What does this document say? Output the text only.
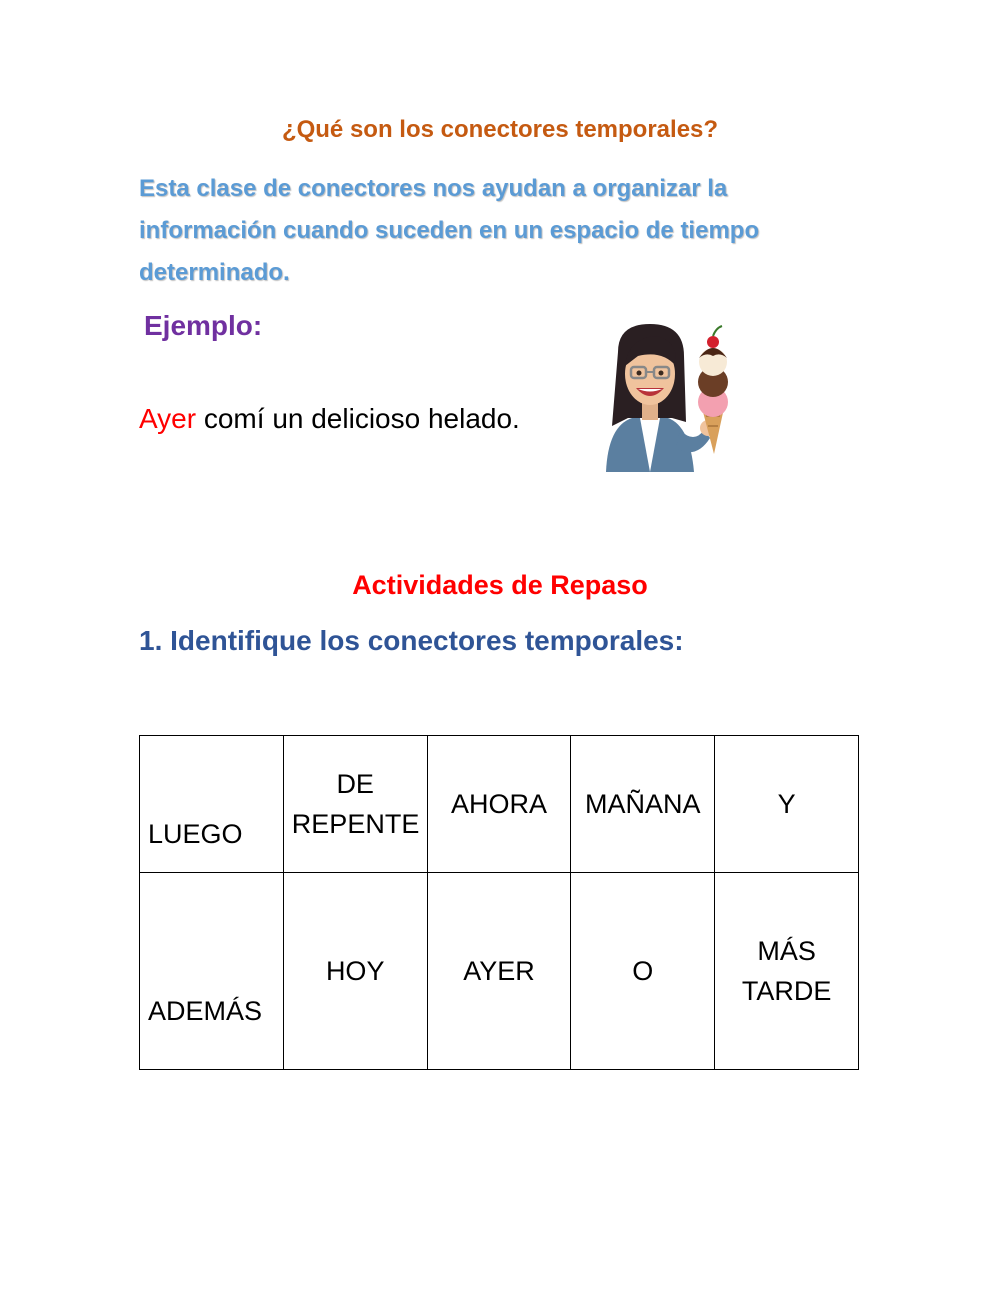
¿Qué son los conectores temporales?
Esta clase de conectores nos ayudan a organizar la información cuando suceden en un espacio de tiempo determinado.
Ejemplo:
Ayer comí un delicioso helado.
Actividades de Repaso
1. Identifique los conectores temporales:
LUEGO	DE REPENTE	AHORA	MAÑANA	Y
ADEMÁS	HOY	AYER	O	MÁS TARDE
